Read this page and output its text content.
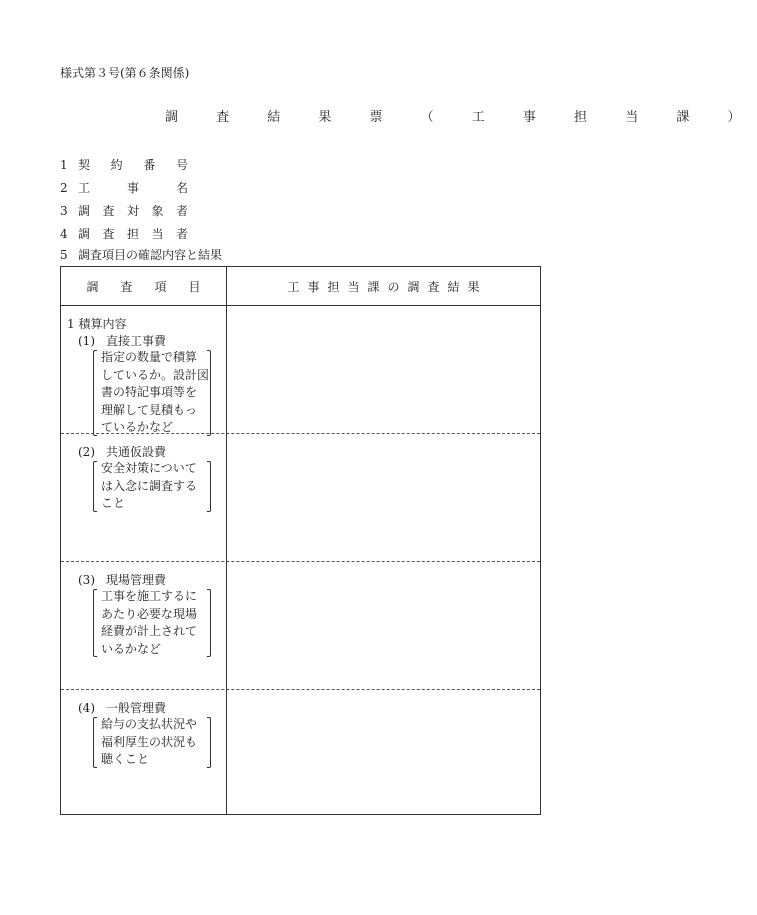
様式第３号(第６条関係)
調 査 結 果 票 （ 工 事 担 当 課 ）
1 契 約 番 号
2 工 事 名
3 調 査 対 象 者
4 調 査 担 当 者
5 調査項目の確認内容と結果
調査項目	工事担当課の調査結果
1 積算内容
(1) 直接工事費
指定の数量で積算
しているか。設計図
書の特記事項等を
理解して見積もっ
ているかなど
(2) 共通仮設費
安全対策について
は入念に調査する
こと
(3) 現場管理費
工事を施工するに
あたり必要な現場
経費が計上されて
いるかなど
(4) 一般管理費
給与の支払状況や
福利厚生の状況も
聴くこと
